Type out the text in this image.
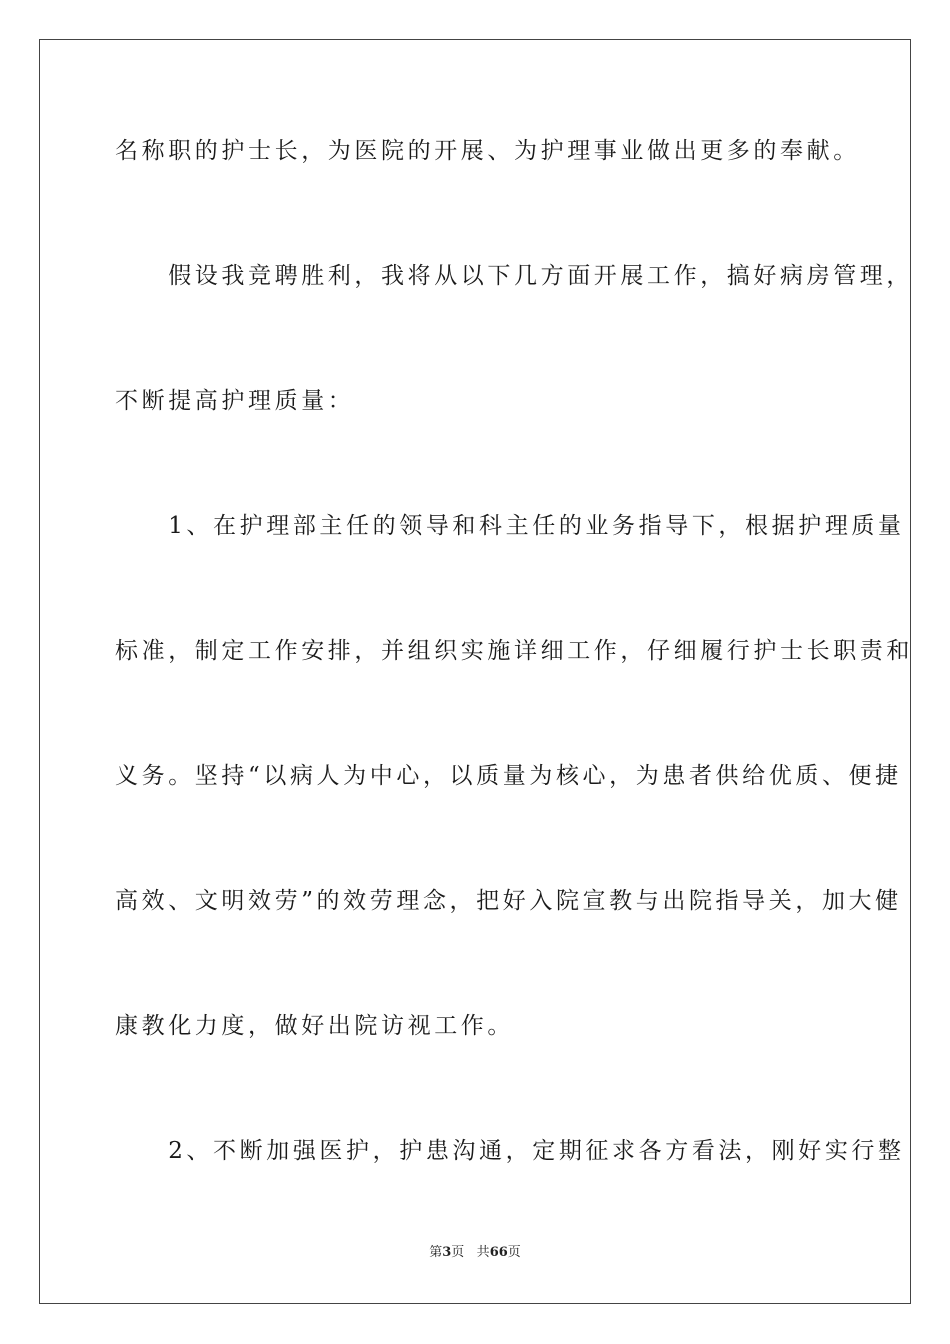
名称职的护士长，为医院的开展、为护理事业做出更多的奉献。
　　假设我竞聘胜利，我将从以下几方面开展工作，搞好病房管理，
不断提高护理质量：
　　1、在护理部主任的领导和科主任的业务指导下，根据护理质量
标准，制定工作安排，并组织实施详细工作，仔细履行护士长职责和
义务。坚持“以病人为中心，以质量为核心，为患者供给优质、便捷
高效、文明效劳”的效劳理念，把好入院宣教与出院指导关，加大健
康教化力度，做好出院访视工作。
　　2、不断加强医护，护患沟通，定期征求各方看法，刚好实行整
第3页 共66页
